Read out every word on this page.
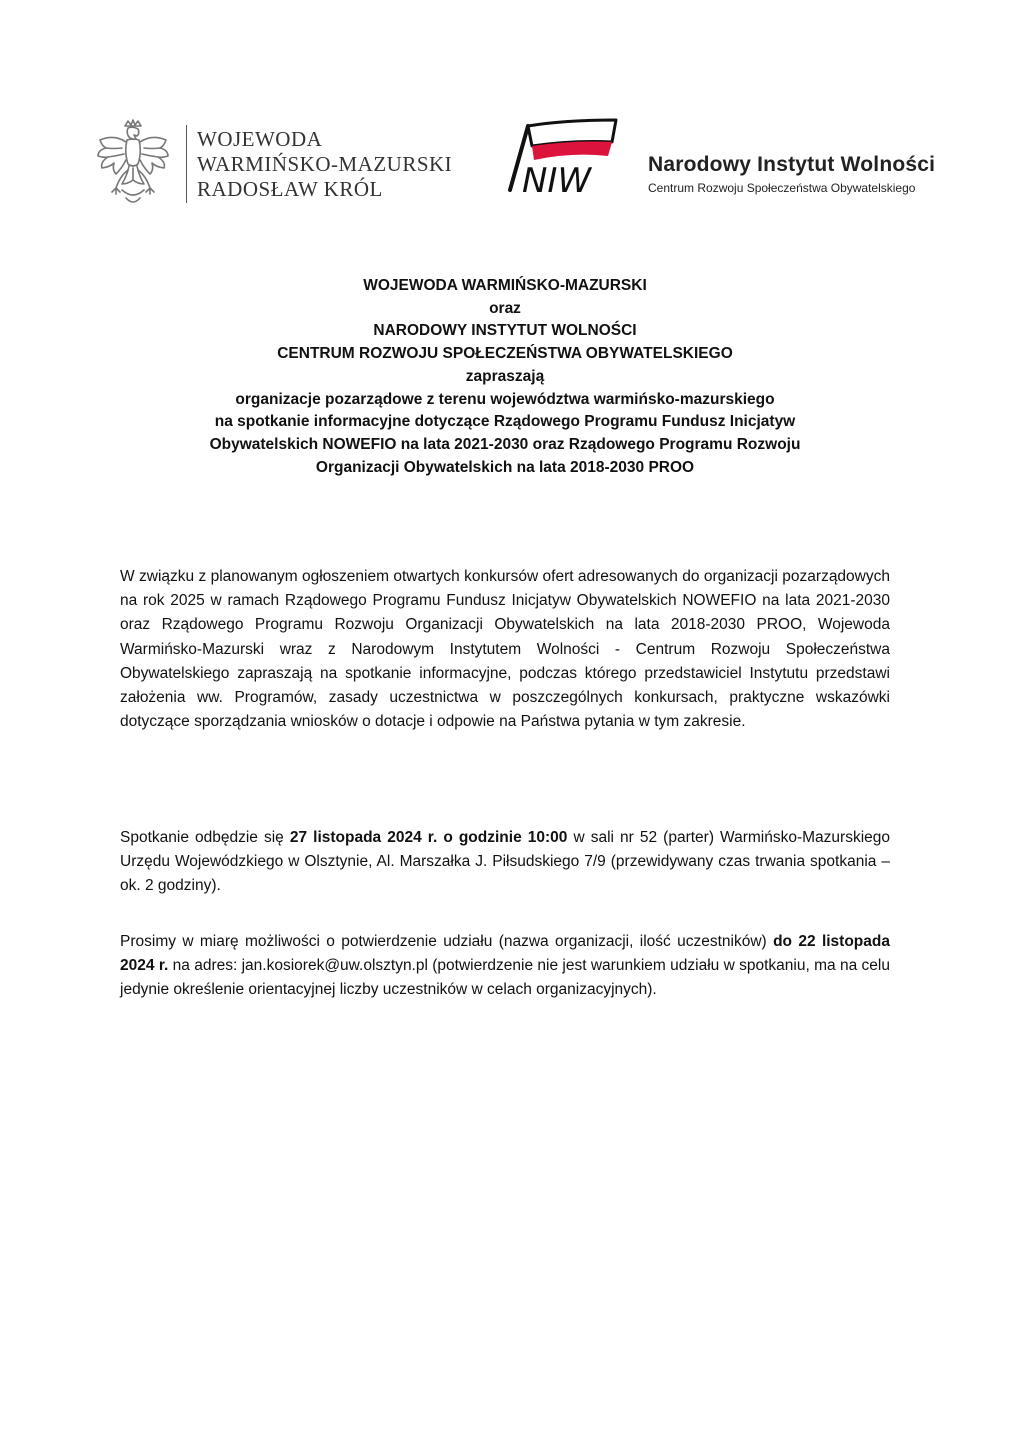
WOJEWODA
WARMIŃSKO-MAZURSKI
RADOSŁAW KRÓL	NIW	Narodowy Instytut Wolności
Centrum Rozwoju Społeczeństwa Obywatelskiego
WOJEWODA WARMIŃSKO-MAZURSKI
oraz
NARODOWY INSTYTUT WOLNOŚCI
CENTRUM ROZWOJU SPOŁECZEŃSTWA OBYWATELSKIEGO
zapraszają
organizacje pozarządowe z terenu województwa warmińsko-mazurskiego
na spotkanie informacyjne dotyczące Rządowego Programu Fundusz Inicjatyw
Obywatelskich NOWEFIO na lata 2021-2030 oraz Rządowego Programu Rozwoju
Organizacji Obywatelskich na lata 2018-2030 PROO

W związku z planowanym ogłoszeniem otwartych konkursów ofert adresowanych do organizacji pozarządowych na rok 2025 w ramach Rządowego Programu Fundusz Inicjatyw Obywatelskich NOWEFIO na lata 2021-2030 oraz Rządowego Programu Rozwoju Organizacji Obywatelskich na lata 2018-2030 PROO, Wojewoda Warmińsko-Mazurski wraz z Narodowym Instytutem Wolności - Centrum Rozwoju Społeczeństwa Obywatelskiego zapraszają na spotkanie informacyjne, podczas którego przedstawiciel Instytutu przedstawi założenia ww. Programów, zasady uczestnictwa w poszczególnych konkursach, praktyczne wskazówki dotyczące sporządzania wniosków o dotacje i odpowie na Państwa pytania w tym zakresie.

Spotkanie odbędzie się 27 listopada 2024 r. o godzinie 10:00 w sali nr 52 (parter) Warmińsko-Mazurskiego Urzędu Wojewódzkiego w Olsztynie, Al. Marszałka J. Piłsudskiego 7/9 (przewidywany czas trwania spotkania – ok. 2 godziny).

Prosimy w miarę możliwości o potwierdzenie udziału (nazwa organizacji, ilość uczestników) do 22 listopada 2024 r. na adres: jan.kosiorek@uw.olsztyn.pl (potwierdzenie nie jest warunkiem udziału w spotkaniu, ma na celu jedynie określenie orientacyjnej liczby uczestników w celach organizacyjnych).
